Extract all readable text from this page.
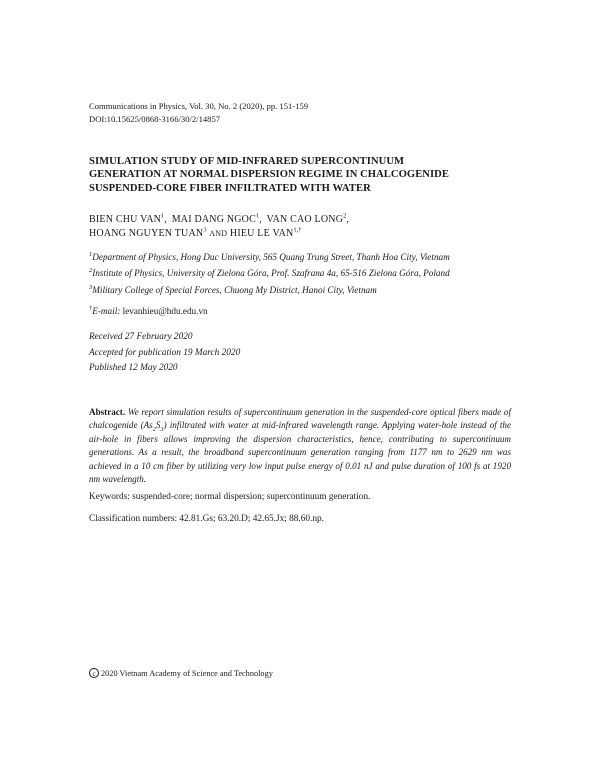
Communications in Physics, Vol. 30, No. 2 (2020), pp. 151-159
DOI:10.15625/0868-3166/30/2/14857
SIMULATION STUDY OF MID-INFRARED SUPERCONTINUUM
GENERATION AT NORMAL DISPERSION REGIME IN CHALCOGENIDE
SUSPENDED-CORE FIBER INFILTRATED WITH WATER
BIEN CHU VAN$^1$, MAI DANG NGOC$^1$, VAN CAO LONG$^2$,
HOANG NGUYEN TUAN$^3$ AND HIEU LE $VAN^{1,\dagger}$
$^1$Department of Physics, Hong Duc University, 565 Quang Trung Street, Thanh Hoa City, Vietnam
$^2$Institute of Physics, University of Zielona Góra, Prof. Szafrana 4a, 65-516 Zielona Góra, Poland
$^3$Military College of Special Forces, Chuong My District, Hanoi City, Vietnam
†E-mail: levanhieu@hdu.edu.vn
Received 27 February 2020
Accepted for publication 19 March 2020
Published 12 May 2020
Abstract. We report simulation results of supercontinuum generation in the suspended-core optical fibers made of chalcogenide $(As_2S_3)$ infiltrated with water at mid-infrared wavelength range. Applying water-hole instead of the air-hole in fibers allows improving the dispersion characteristics, hence, contributing to supercontinuum generations. As a result, the broadband supercontinuum generation ranging from 1177 nm to 2629 nm was achieved in a 10 cm fiber by utilizing very low input pulse energy of 0.01 nJ and pulse duration of 100 fs at 1920 nm wavelength.
Keywords: suspended-core; normal dispersion; supercontinuum generation.
Classification numbers: 42.81.Gs; 63.20.D; 42.65.Jx; 88.60.np.
c 2020 Vietnam Academy of Science and Technology
